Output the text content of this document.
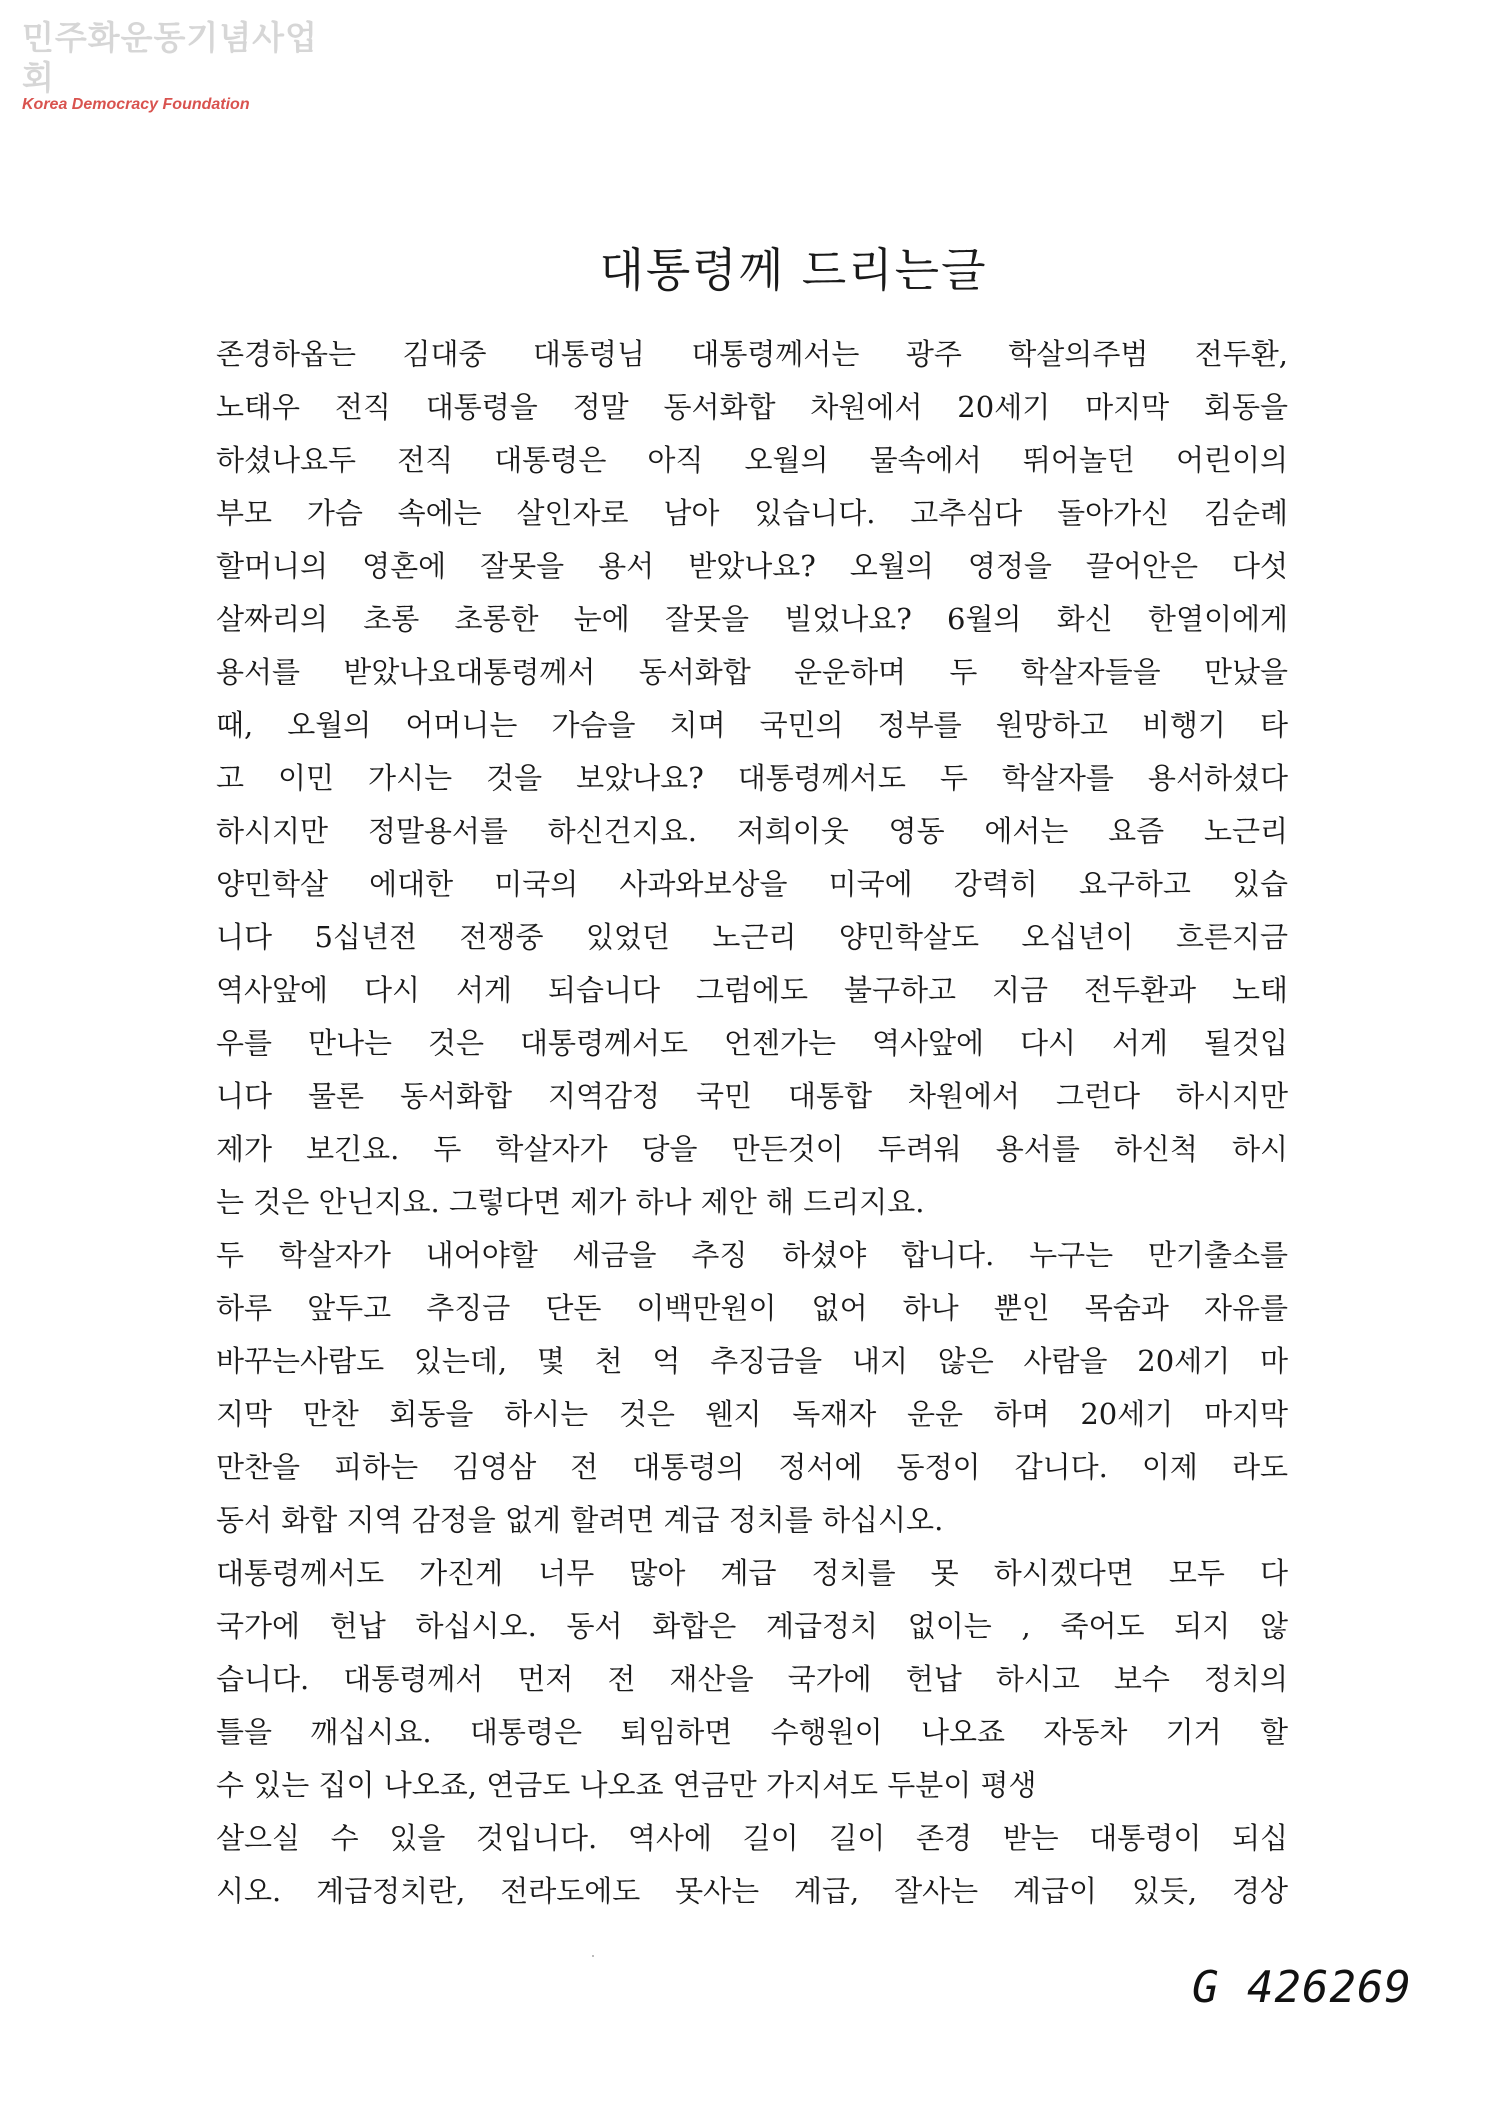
민주화운동기념사업회
Korea Democracy Foundation
대통령께 드리는글
존경하옵는 김대중 대통령님 대통령께서는 광주 학살의주범 전두환,
노태우 전직 대통령을 정말 동서화합 차원에서 20세기 마지막 회동을
하셨나요두 전직 대통령은 아직 오월의 물속에서 뛰어놀던 어린이의
부모 가슴 속에는 살인자로 남아 있습니다. 고추심다 돌아가신 김순례
할머니의 영혼에 잘못을 용서 받았나요? 오월의 영정을 끌어안은 다섯
살짜리의 초롱 초롱한 눈에 잘못을 빌었나요? 6월의 화신 한열이에게
용서를 받았나요대통령께서 동서화합 운운하며 두 학살자들을 만났을
때, 오월의 어머니는 가슴을 치며 국민의 정부를 원망하고 비행기 타
고 이민 가시는 것을 보았나요? 대통령께서도 두 학살자를 용서하셨다
하시지만 정말용서를 하신건지요. 저희이웃 영동 에서는 요즘 노근리
양민학살 에대한 미국의 사과와보상을 미국에 강력히 요구하고 있습
니다 5십년전 전쟁중 있었던 노근리 양민학살도 오십년이 흐른지금
역사앞에 다시 서게 되습니다 그럼에도 불구하고 지금 전두환과 노태
우를 만나는 것은 대통령께서도 언젠가는 역사앞에 다시 서게 될것입
니다 물론 동서화합 지역감정 국민 대통합 차원에서 그런다 하시지만
제가 보긴요. 두 학살자가 당을 만든것이 두려워 용서를 하신척 하시
는 것은 안닌지요. 그렇다면 제가 하나 제안 해 드리지요.
두 학살자가 내어야할 세금을 추징 하셨야 합니다. 누구는 만기출소를
하루 앞두고 추징금 단돈 이백만원이 없어 하나 뿐인 목숨과 자유를
바꾸는사람도 있는데, 몇 천 억 추징금을 내지 않은 사람을 20세기 마
지막 만찬 회동을 하시는 것은 웬지 독재자 운운 하며 20세기 마지막
만찬을 피하는 김영삼 전 대통령의 정서에 동정이 갑니다. 이제 라도
동서 화합 지역 감정을 없게 할려면 계급 정치를 하십시오.
대통령께서도 가진게 너무 많아 계급 정치를 못 하시겠다면 모두 다
국가에 헌납 하십시오. 동서 화합은 계급정치 없이는 , 죽어도 되지 않
습니다. 대통령께서 먼저 전 재산을 국가에 헌납 하시고 보수 정치의
틀을 깨십시요. 대통령은 퇴임하면 수행원이 나오죠 자동차 기거 할
수 있는 집이 나오죠, 연금도 나오죠 연금만 가지셔도 두분이 평생
살으실 수 있을 것입니다. 역사에 길이 길이 존경 받는 대통령이 되십
시오. 계급정치란, 전라도에도 못사는 계급, 잘사는 계급이 있듯, 경상
G 426269
